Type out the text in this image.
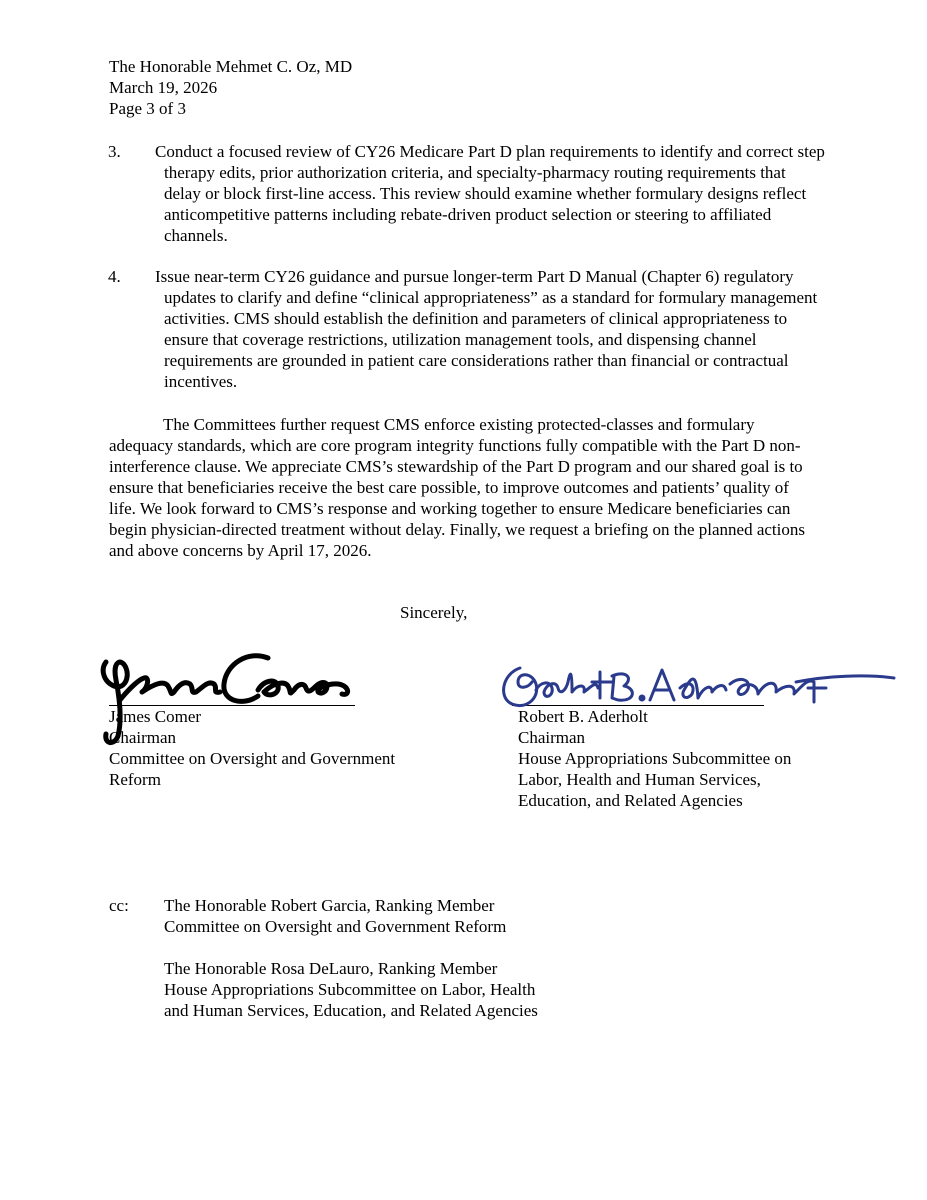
The Honorable Mehmet C. Oz, MD
March 19, 2026
Page 3 of 3
3. Conduct a focused review of CY26 Medicare Part D plan requirements to identify and correct step therapy edits, prior authorization criteria, and specialty-pharmacy routing requirements that delay or block first-line access. This review should examine whether formulary designs reflect anticompetitive patterns including rebate-driven product selection or steering to affiliated channels.
4. Issue near-term CY26 guidance and pursue longer-term Part D Manual (Chapter 6) regulatory updates to clarify and define “clinical appropriateness” as a standard for formulary management activities. CMS should establish the definition and parameters of clinical appropriateness to ensure that coverage restrictions, utilization management tools, and dispensing channel requirements are grounded in patient care considerations rather than financial or contractual incentives.
The Committees further request CMS enforce existing protected-classes and formulary adequacy standards, which are core program integrity functions fully compatible with the Part D non-interference clause. We appreciate CMS’s stewardship of the Part D program and our shared goal is to ensure that beneficiaries receive the best care possible, to improve outcomes and patients’ quality of life. We look forward to CMS’s response and working together to ensure Medicare beneficiaries can begin physician-directed treatment without delay. Finally, we request a briefing on the planned actions and above concerns by April 17, 2026.
Sincerely,
James Comer
Chairman
Committee on Oversight and Government
Reform
Robert B. Aderholt
Chairman
House Appropriations Subcommittee on
Labor, Health and Human Services,
Education, and Related Agencies
cc: The Honorable Robert Garcia, Ranking Member
Committee on Oversight and Government Reform
The Honorable Rosa DeLauro, Ranking Member
House Appropriations Subcommittee on Labor, Health
and Human Services, Education, and Related Agencies
